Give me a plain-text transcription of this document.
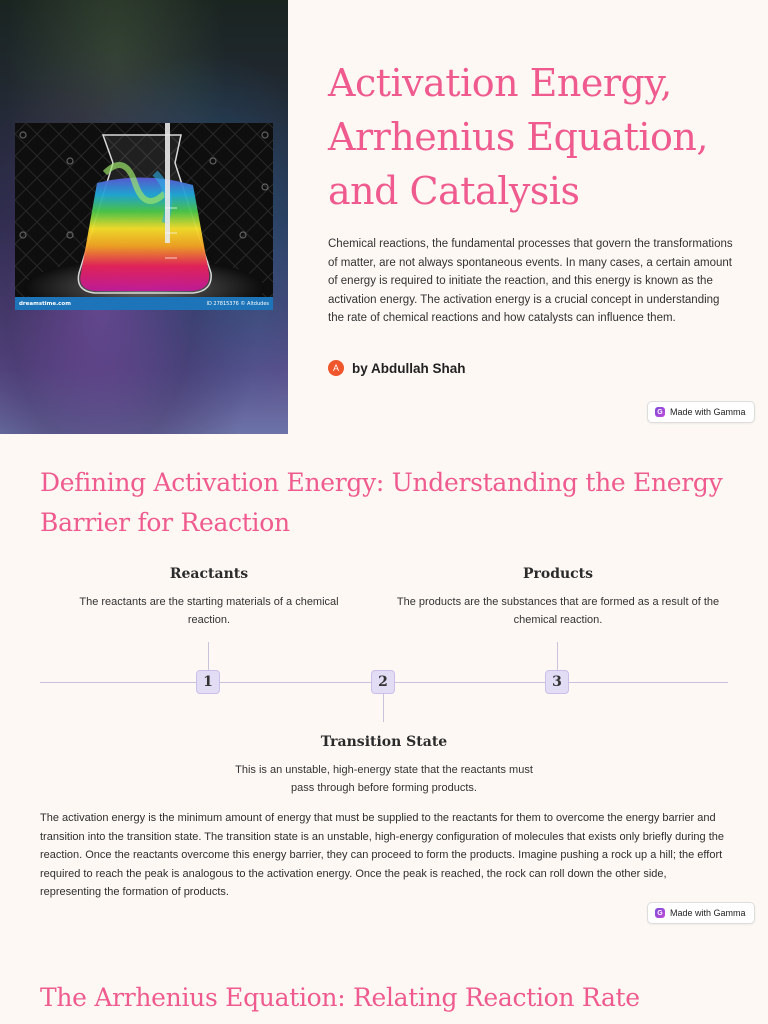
dreamstime.com	ID 27815376 © Altdudes
Activation Energy, Arrhenius Equation, and Catalysis

Chemical reactions, the fundamental processes that govern the transformations of matter, are not always spontaneous events. In many cases, a certain amount of energy is required to initiate the reaction, and this energy is known as the activation energy. The activation energy is a crucial concept in understanding the rate of chemical reactions and how catalysts can influence them.

A by Abdullah Shah
G Made with Gamma
Defining Activation Energy: Understanding the Energy Barrier for Reaction
Reactants
The reactants are the starting materials of a chemical reaction.
Products
The products are the substances that are formed as a result of the chemical reaction.
1	2	3
Transition State
This is an unstable, high-energy state that the reactants must pass through before forming products.

The activation energy is the minimum amount of energy that must be supplied to the reactants for them to overcome the energy barrier and transition into the transition state. The transition state is an unstable, high-energy configuration of molecules that exists only briefly during the reaction. Once the reactants overcome this energy barrier, they can proceed to form the products. Imagine pushing a rock up a hill; the effort required to reach the peak is analogous to the activation energy. Once the peak is reached, the rock can roll down the other side, representing the formation of products.

G Made with Gamma
The Arrhenius Equation: Relating Reaction Rate
